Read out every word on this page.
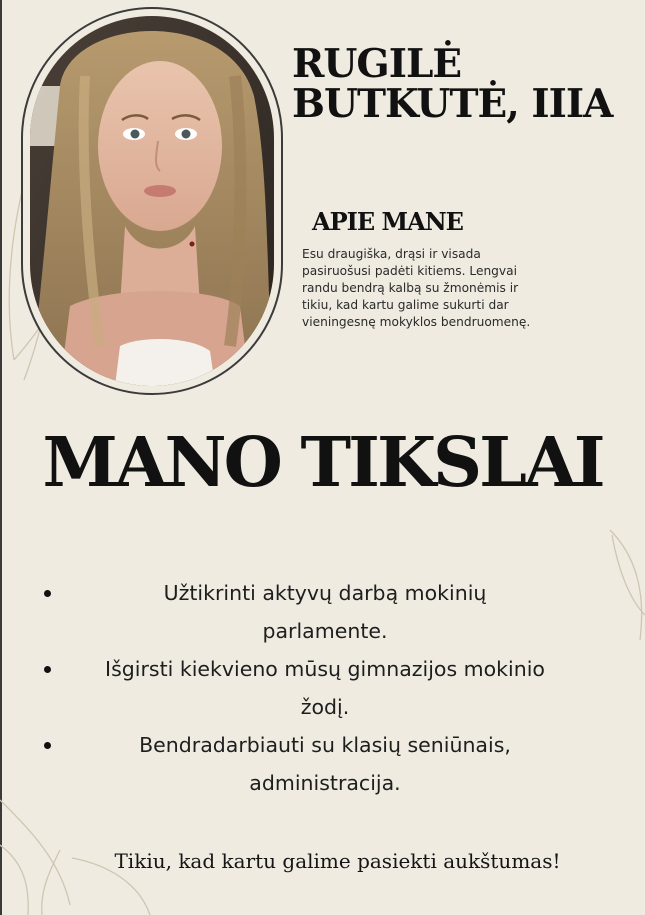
RUGILĖ
BUTKUTĖ, IIIA
APIE MANE
Esu draugiška, drąsi ir visada
pasiruošusi padėti kitiems. Lengvai
randu bendrą kalbą su žmonėmis ir
tikiu, kad kartu galime sukurti dar
vieningesnę mokyklos bendruomenę.
MANO TIKSLAI
Užtikrinti aktyvų darbą mokinių
parlamente.
Išgirsti kiekvieno mūsų gimnazijos mokinio
žodį.
Bendradarbiauti su klasių seniūnais,
administracija.
Tikiu, kad kartu galime pasiekti aukštumas!
